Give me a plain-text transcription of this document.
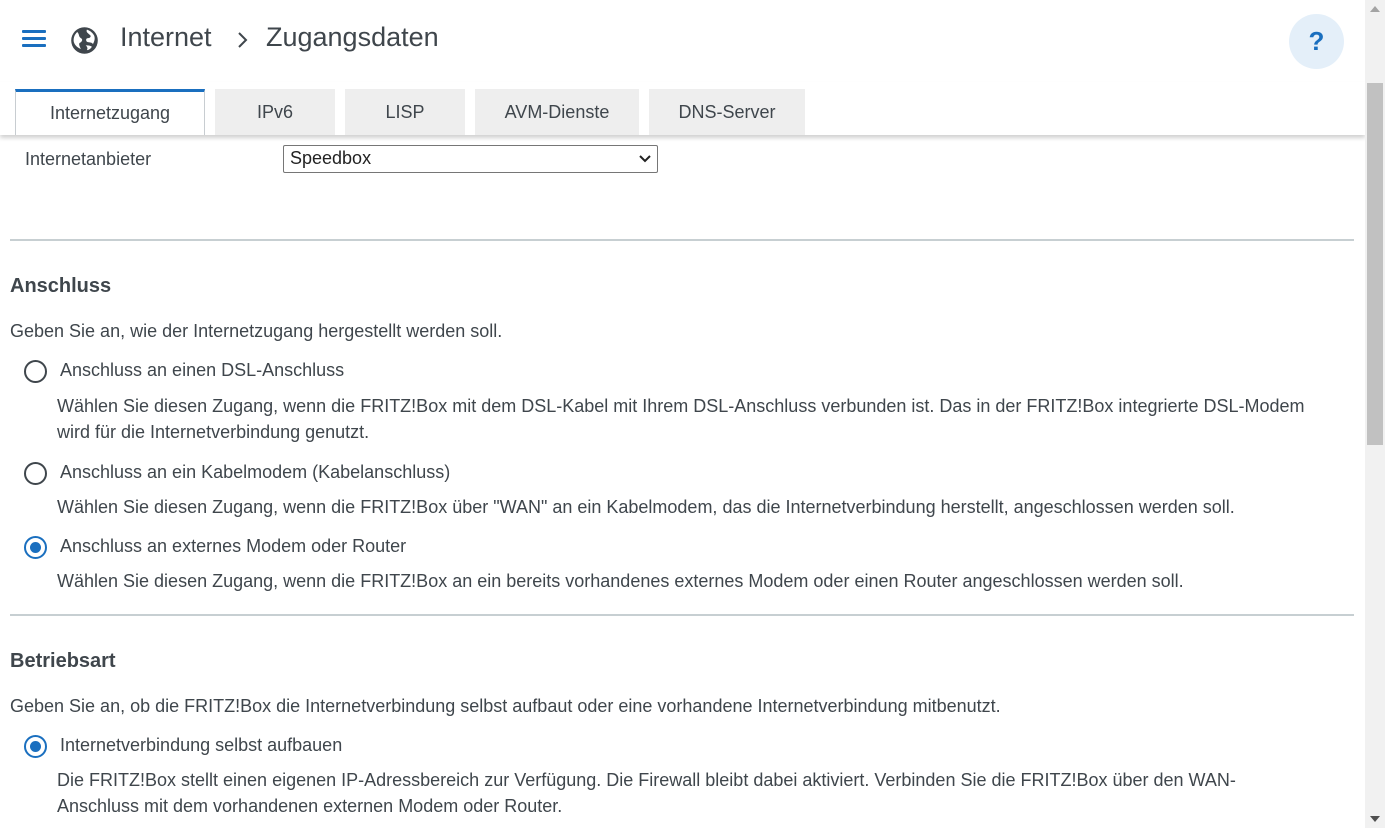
Internet Zugangsdaten	?
Internetzugang	IPv6	LISP	AVM-Dienste	DNS-Server
Internetanbieter	Speedbox
Anschluss
Geben Sie an, wie der Internetzugang hergestellt werden soll.
Anschluss an einen DSL-Anschluss
Wählen Sie diesen Zugang, wenn die FRITZ!Box mit dem DSL-Kabel mit Ihrem DSL-Anschluss verbunden ist. Das in der FRITZ!Box integrierte DSL-Modem wird für die Internetverbindung genutzt.
Anschluss an ein Kabelmodem (Kabelanschluss)
Wählen Sie diesen Zugang, wenn die FRITZ!Box über "WAN" an ein Kabelmodem, das die Internetverbindung herstellt, angeschlossen werden soll.
Anschluss an externes Modem oder Router
Wählen Sie diesen Zugang, wenn die FRITZ!Box an ein bereits vorhandenes externes Modem oder einen Router angeschlossen werden soll.
Betriebsart
Geben Sie an, ob die FRITZ!Box die Internetverbindung selbst aufbaut oder eine vorhandene Internetverbindung mitbenutzt.
Internetverbindung selbst aufbauen
Die FRITZ!Box stellt einen eigenen IP-Adressbereich zur Verfügung. Die Firewall bleibt dabei aktiviert. Verbinden Sie die FRITZ!Box über den WAN-Anschluss mit dem vorhandenen externen Modem oder Router.
